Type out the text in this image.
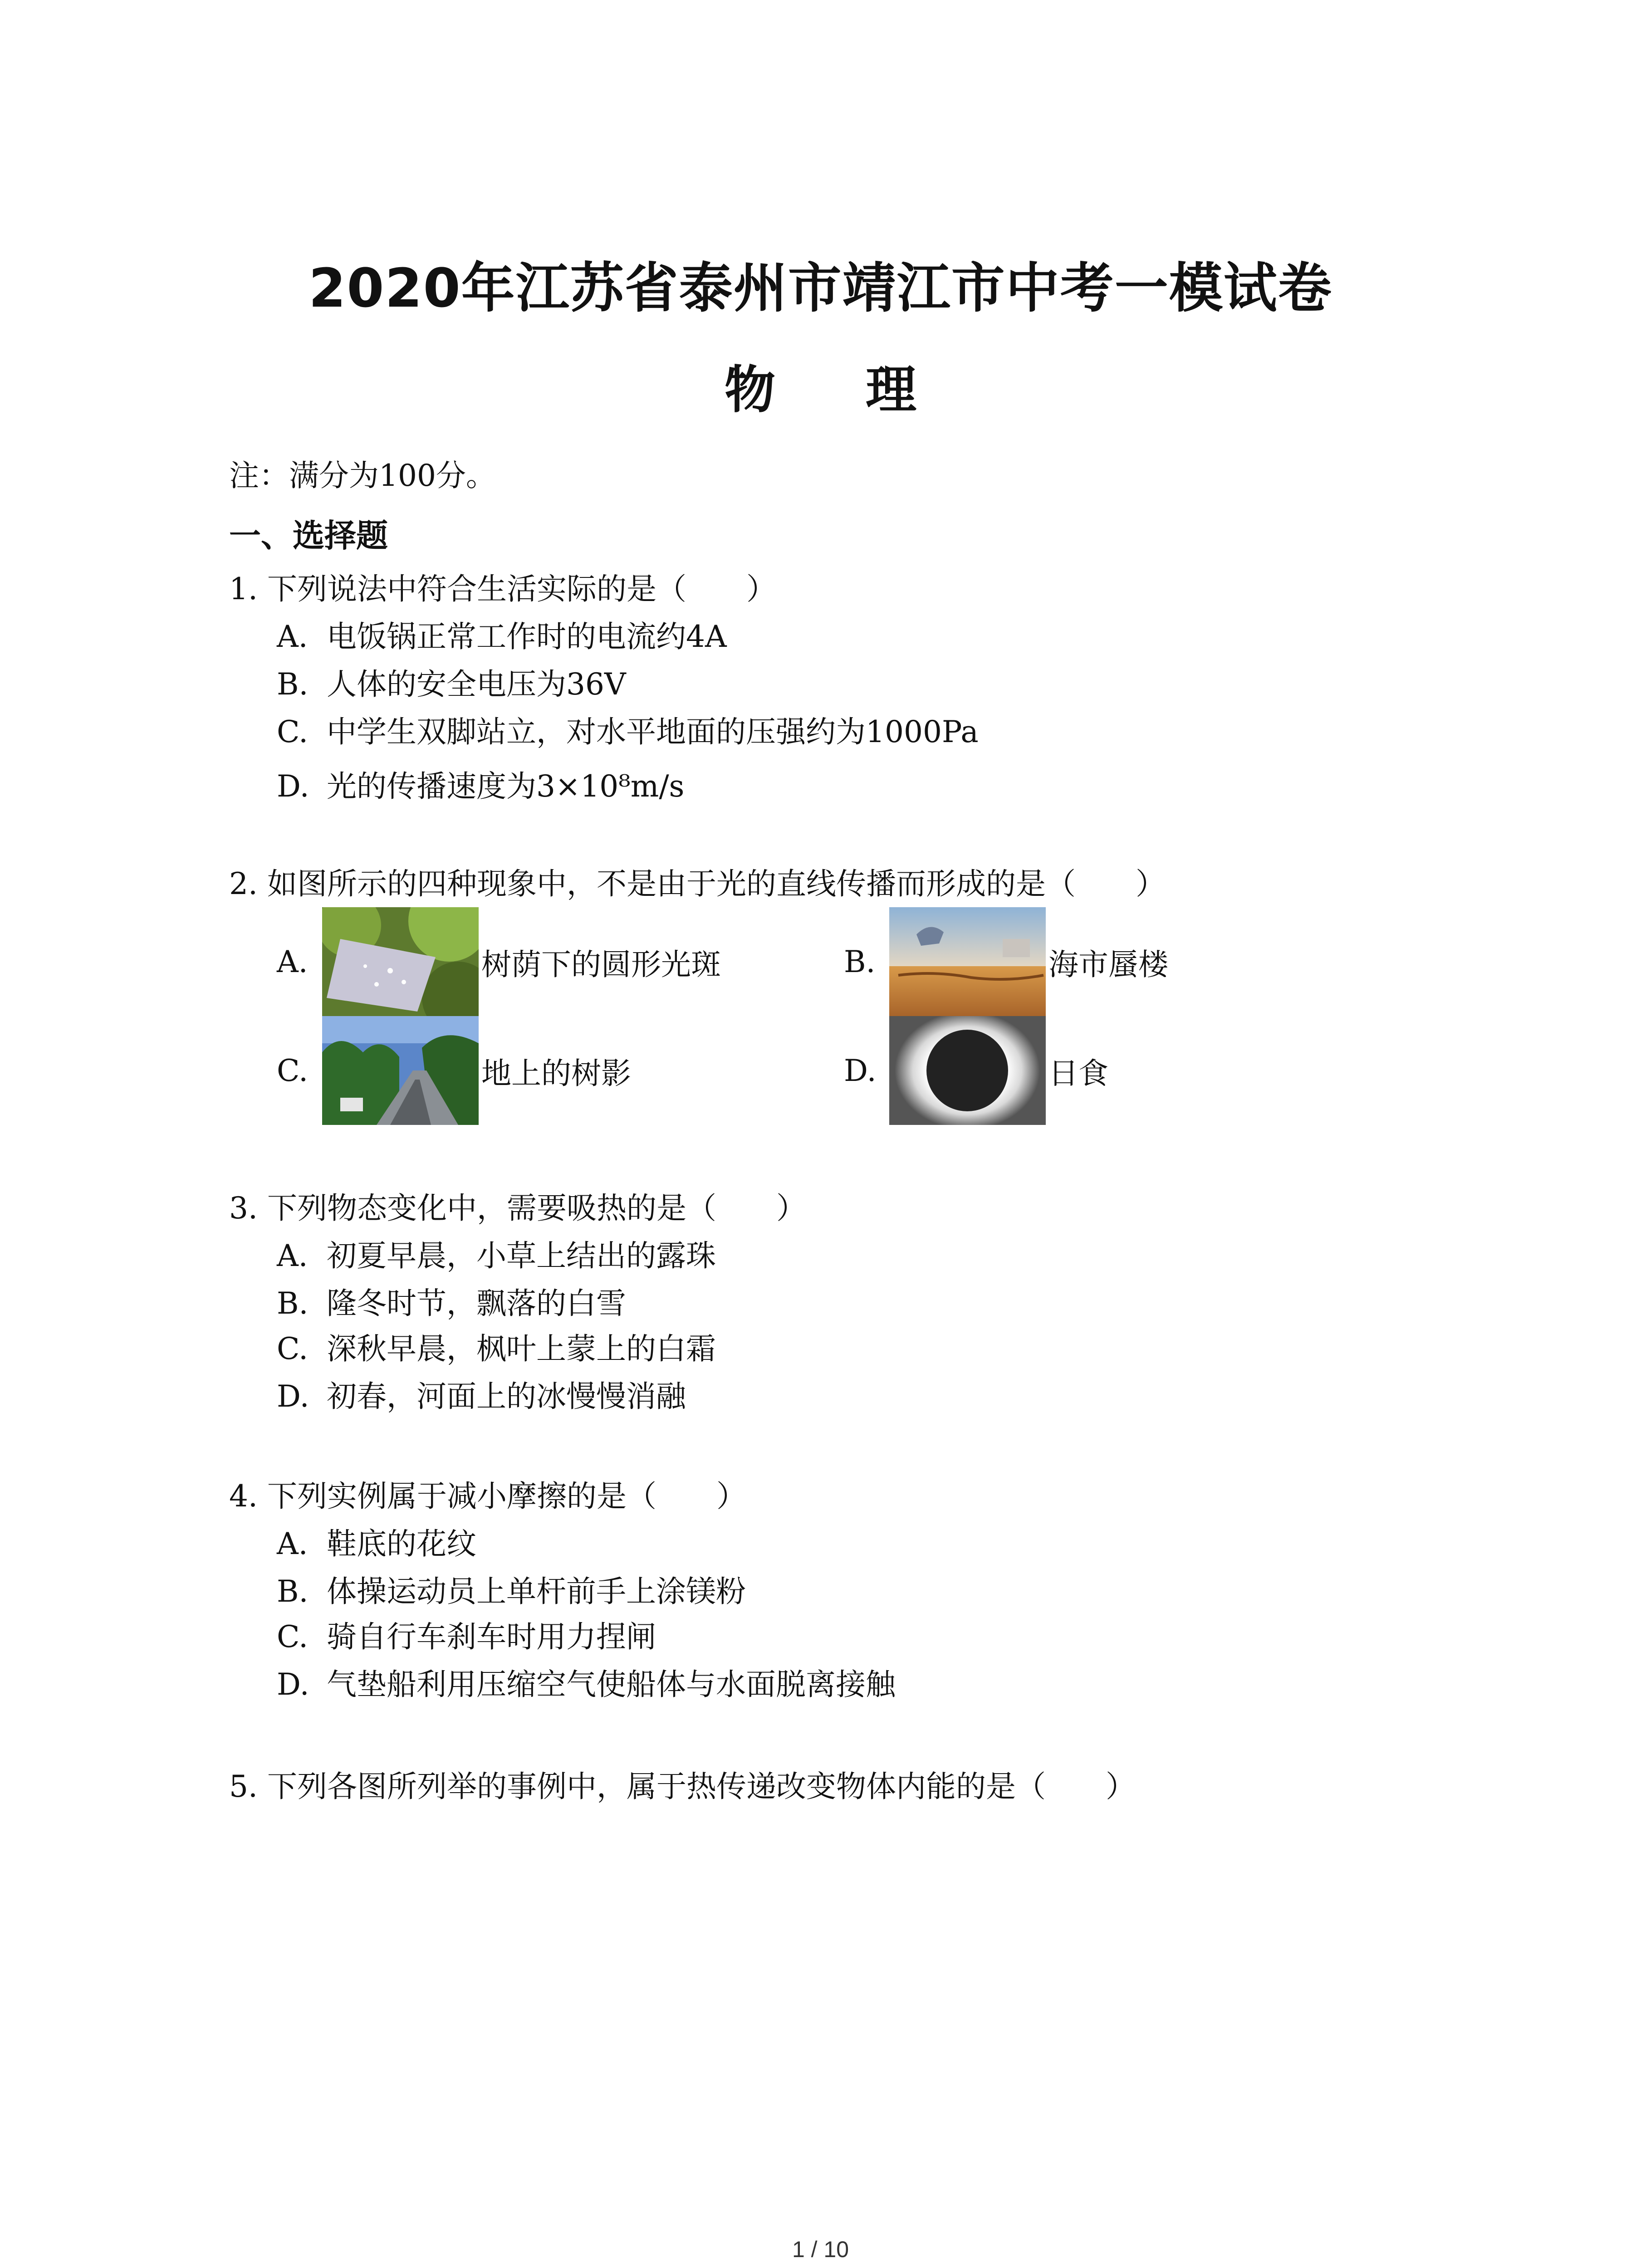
2020年江苏省泰州市靖江市中考一模试卷
物 理
注：满分为100分。
一、选择题
1. 下列说法中符合生活实际的是（　　）
A. 电饭锅正常工作时的电流约4A
B. 人体的安全电压为36V
C. 中学生双脚站立，对水平地面的压强约为1000Pa
D. 光的传播速度为3×10⁸m/s
2. 如图所示的四种现象中，不是由于光的直线传播而形成的是（　　）
A.	树荫下的圆形光斑	B.	海市蜃楼
C.	地上的树影	D.	日食
3. 下列物态变化中，需要吸热的是（　　）
A. 初夏早晨，小草上结出的露珠
B. 隆冬时节，飘落的白雪
C. 深秋早晨，枫叶上蒙上的白霜
D. 初春，河面上的冰慢慢消融
4. 下列实例属于减小摩擦的是（　　）
A. 鞋底的花纹
B. 体操运动员上单杆前手上涂镁粉
C. 骑自行车刹车时用力捏闸
D. 气垫船利用压缩空气使船体与水面脱离接触
5. 下列各图所列举的事例中，属于热传递改变物体内能的是（　　）
1 / 10
